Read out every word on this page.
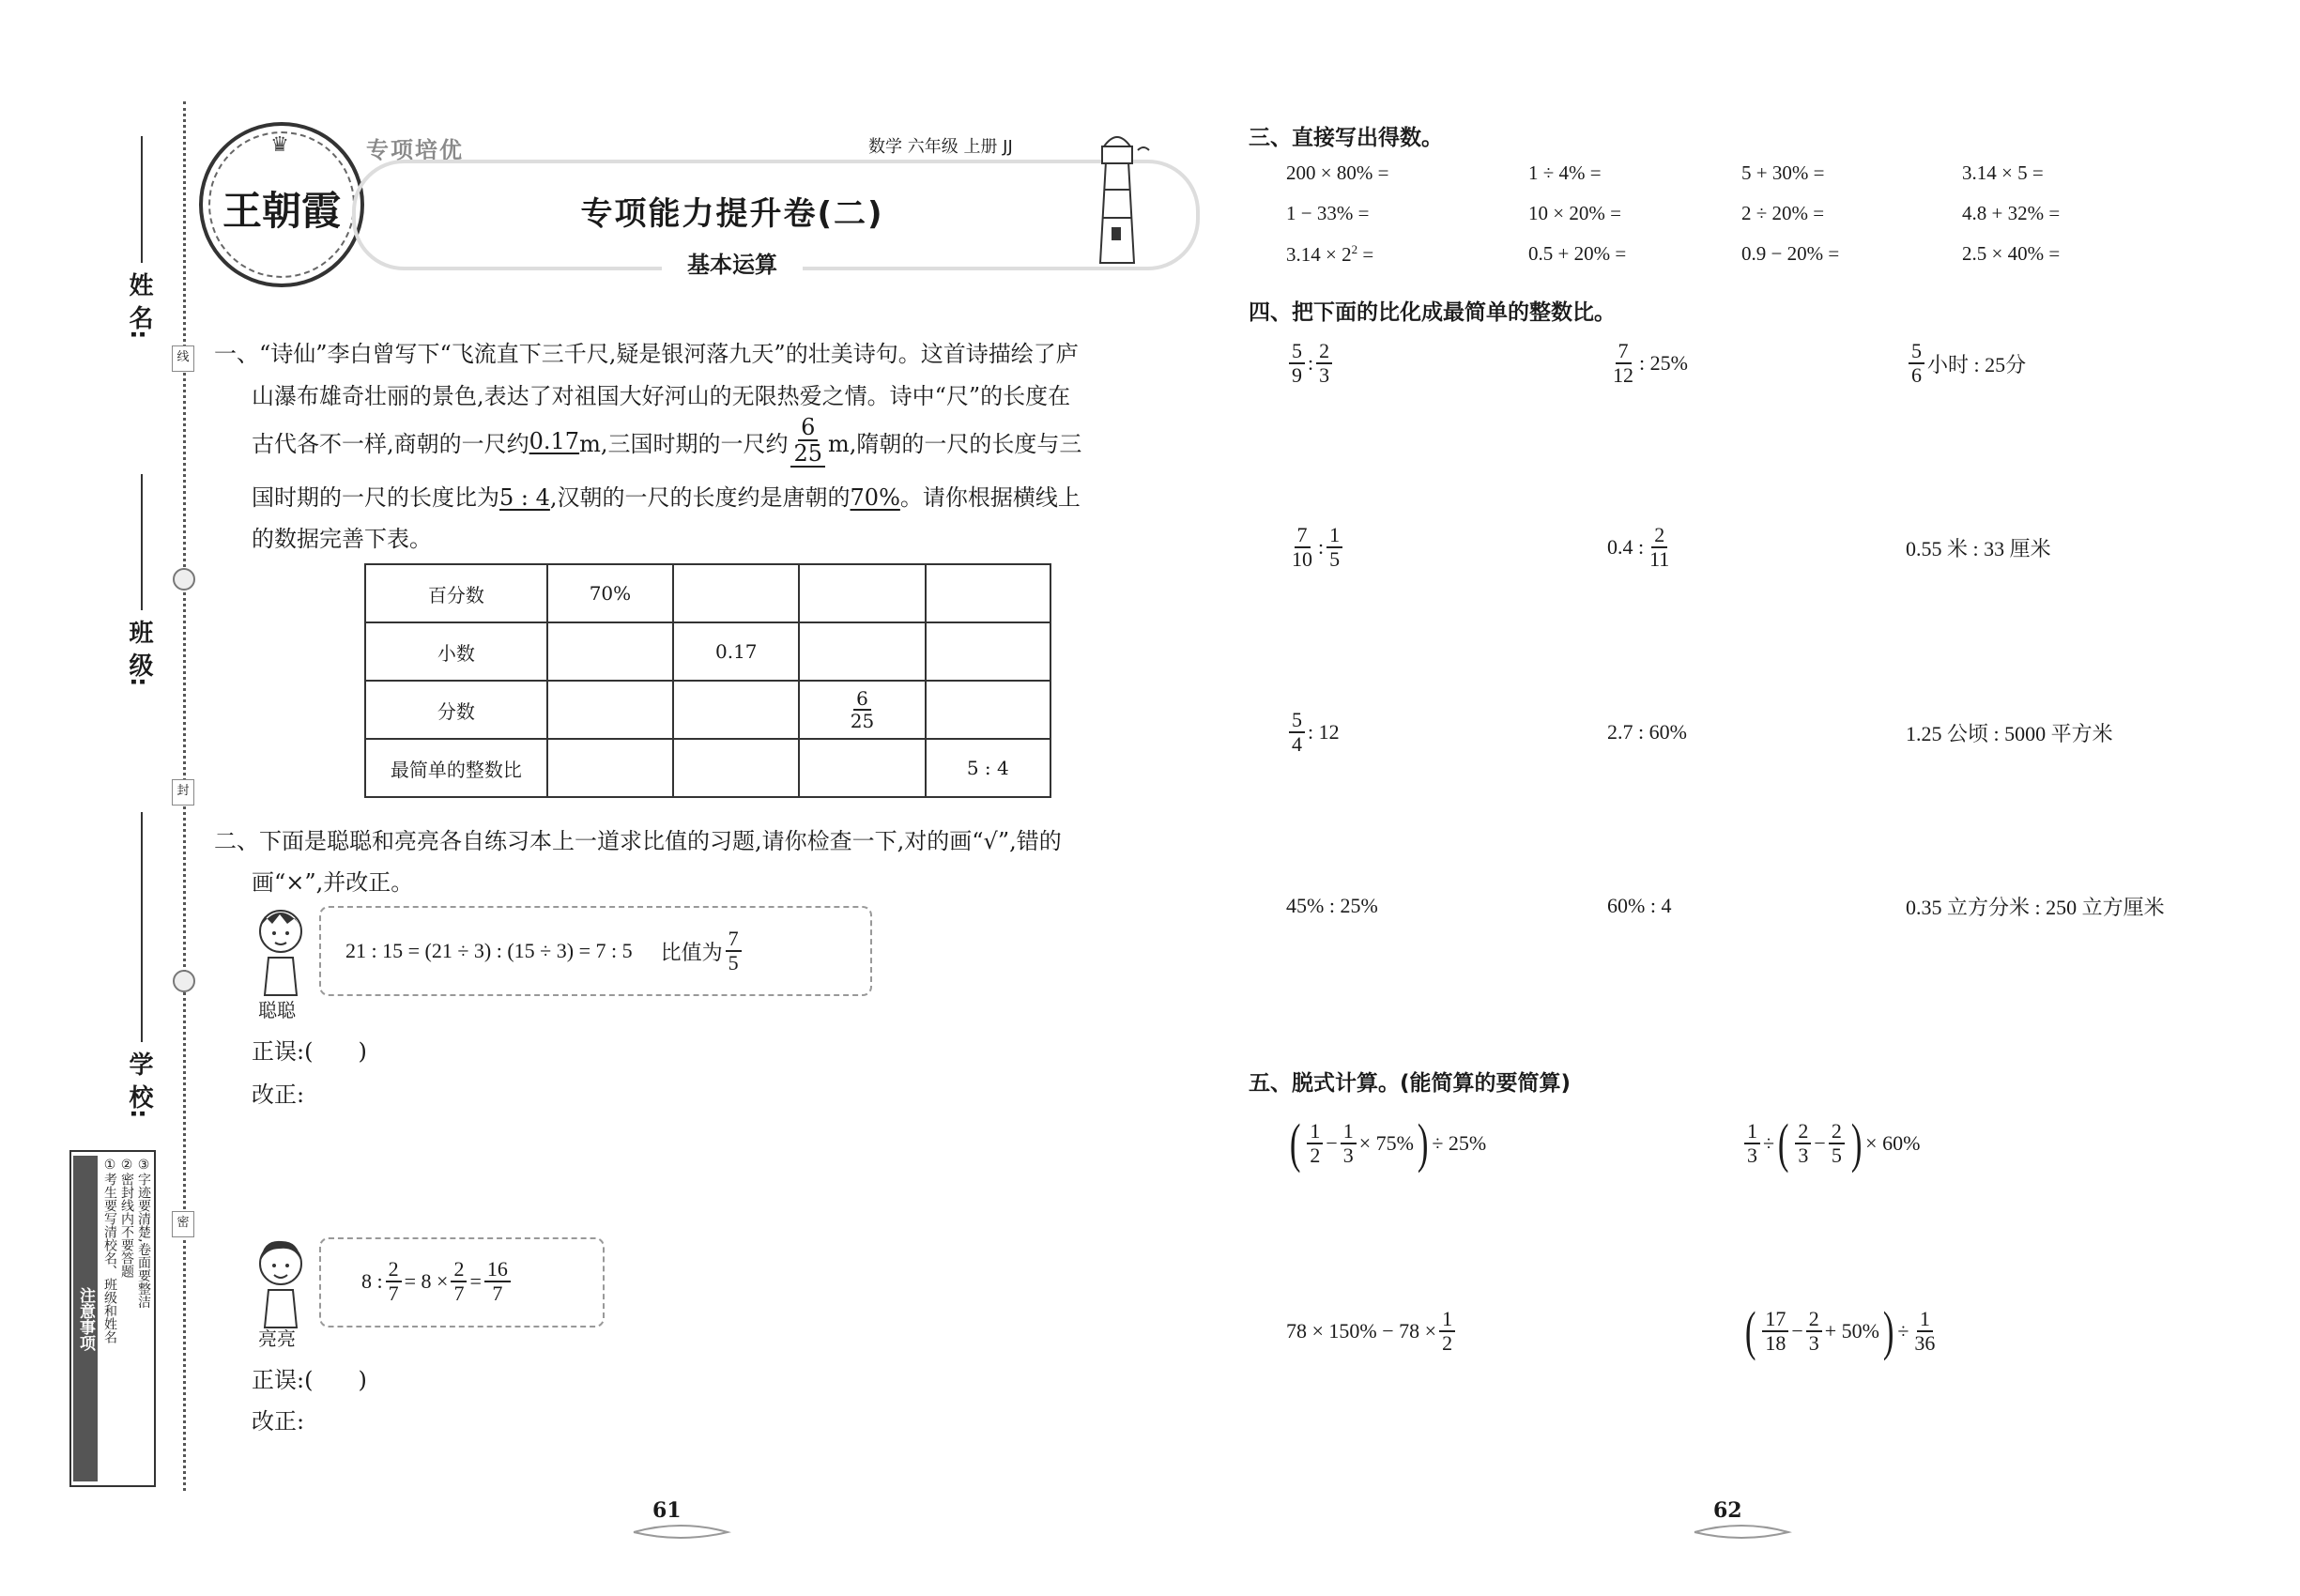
姓 名:
班 级:
学 校:
线
封
密
注意事项 ①考生要写清校名、班级和姓名 ②密封线内不要答题 ③字迹要清楚,卷面要整洁
♛
王朝霞
专项培优	数学 六年级 上册 JJ
专项能力提升卷(二)
基本运算
一、“诗仙”李白曾写下“飞流直下三千尺,疑是银河落九天”的壮美诗句。这首诗描绘了庐
山瀑布雄奇壮丽的景色,表达了对祖国大好河山的无限热爱之情。诗中“尺”的长度在
古代各不一样,商朝的一尺约 0.17 m,三国时期的一尺约 $\frac{6}{25} m$,隋朝的一尺的长度与三
国时期的一尺的长度比为5 : 4,汉朝的一尺的长度约是唐朝的70%。请你根据横线上
的数据完善下表。
百分数	70%			
小数		0.17		
分数			$\frac{6}{25}$

最简单的整数比				5 : 4
二、下面是聪聪和亮亮各自练习本上一道求比值的习题,请你检查一下,对的画“√”,错的
画“×”,并改正。
聪聪
21 : 15 = (21 ÷ 3) : (15 ÷ 3) = 7 : 5 比值为 $\frac{7}{5}$
正误:(　　)
改正:
亮亮
8 : $\frac{2}{7} = 8 \times \frac{2}{7} = \frac{16}{7}$
正误:(　　)
改正:
61
三、直接写出得数。
200 × 80% =	1 ÷ 4% =	5 + 30% =	3.14 × 5 =
1 − 33% =	10 × 20% =	2 ÷ 20% =	4.8 + 32% =
$3.14 \times 2^2$ =	0.5 + 20% =	0.9 − 20% =	2.5 × 40% =
四、把下面的比化成最简单的整数比。
$\frac{5}{9}$ : $\frac{2}{3}$	$\frac{7}{12}$ : 25%	$\frac{5}{6}$ 小时 : 25分
$\frac{7}{10}$ : $\frac{1}{5}$	0.4 : $\frac{2}{11}$	0.55 米 : 33 厘米
$\frac{5}{4}$ : 12	2.7 : 60%	1.25 公顷 : 5000 平方米
45% : 25%	60% : 4	0.35 立方分米 : 250 立方厘米
五、脱式计算。(能简算的要简算)
( $\frac{1}{2} - \frac{1}{3} \times 75\%$ ) ÷ 25%	$\frac{1}{3}$ ÷ ( $\frac{2}{3} - \frac{2}{5}$ ) × 60%
$78 \times 150\% - 78 \times \frac{1}{2}$	( $\frac{17}{18} - \frac{2}{3} + 50\%$ ) ÷ $\frac{1}{36}$
62
